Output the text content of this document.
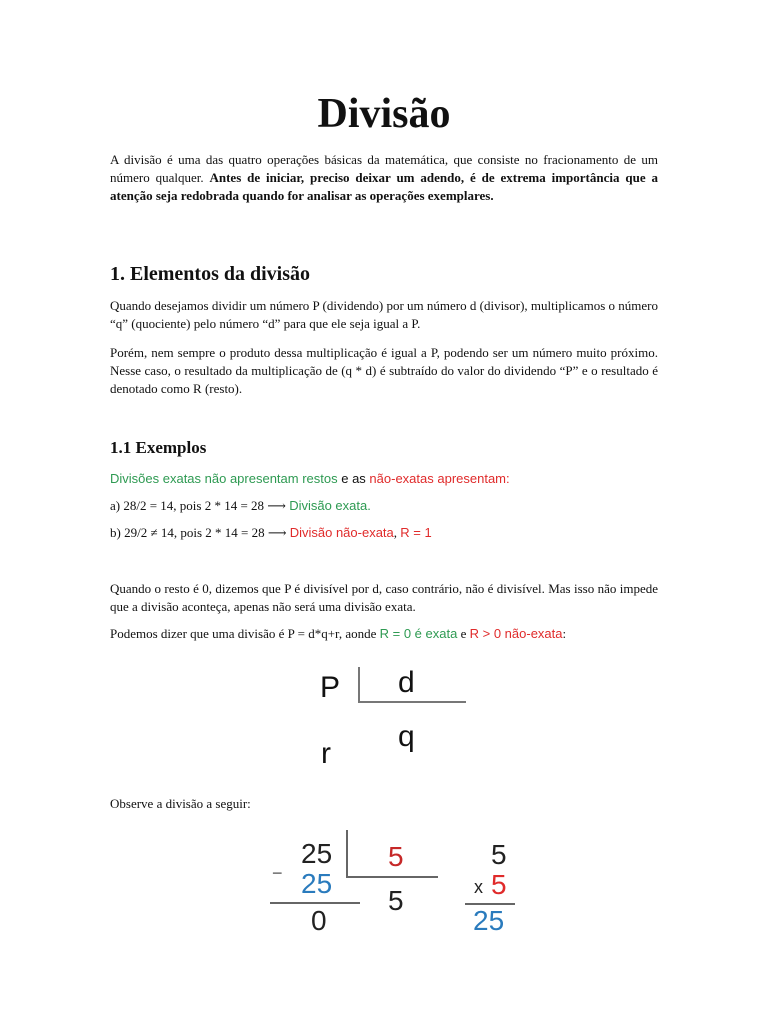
Divisão

A divisão é uma das quatro operações básicas da matemática, que consiste no fracionamento de um número qualquer. Antes de iniciar, preciso deixar um adendo, é de extrema importância que a atenção seja redobrada quando for analisar as operações exemplares.

1. Elementos da divisão

Quando desejamos dividir um número P (dividendo) por um número d (divisor), multiplicamos o número “q” (quociente) pelo número “d” para que ele seja igual a P.

Porém, nem sempre o produto dessa multiplicação é igual a P, podendo ser um número muito próximo. Nesse caso, o resultado da multiplicação de (q * d) é subtraído do valor do dividendo “P” e o resultado é denotado como R (resto).

1.1 Exemplos

Divisões exatas não apresentam restos e as não-exatas apresentam:

a) 28/2 = 14, pois 2 * 14 = 28 ⟶ Divisão exata.

b) 29/2 ≠ 14, pois 2 * 14 = 28 ⟶ Divisão não-exata, R = 1

Quando o resto é 0, dizemos que P é divisível por d, caso contrário, não é divisível. Mas isso não impede que a divisão aconteça, apenas não será uma divisão exata.

Podemos dizer que uma divisão é P = d*q+r, aonde R = 0 é exata e R > 0 não-exata:

Observe a divisão a seguir:

P d
q
r
25
− 25
0
5
5
5
x 5
25
